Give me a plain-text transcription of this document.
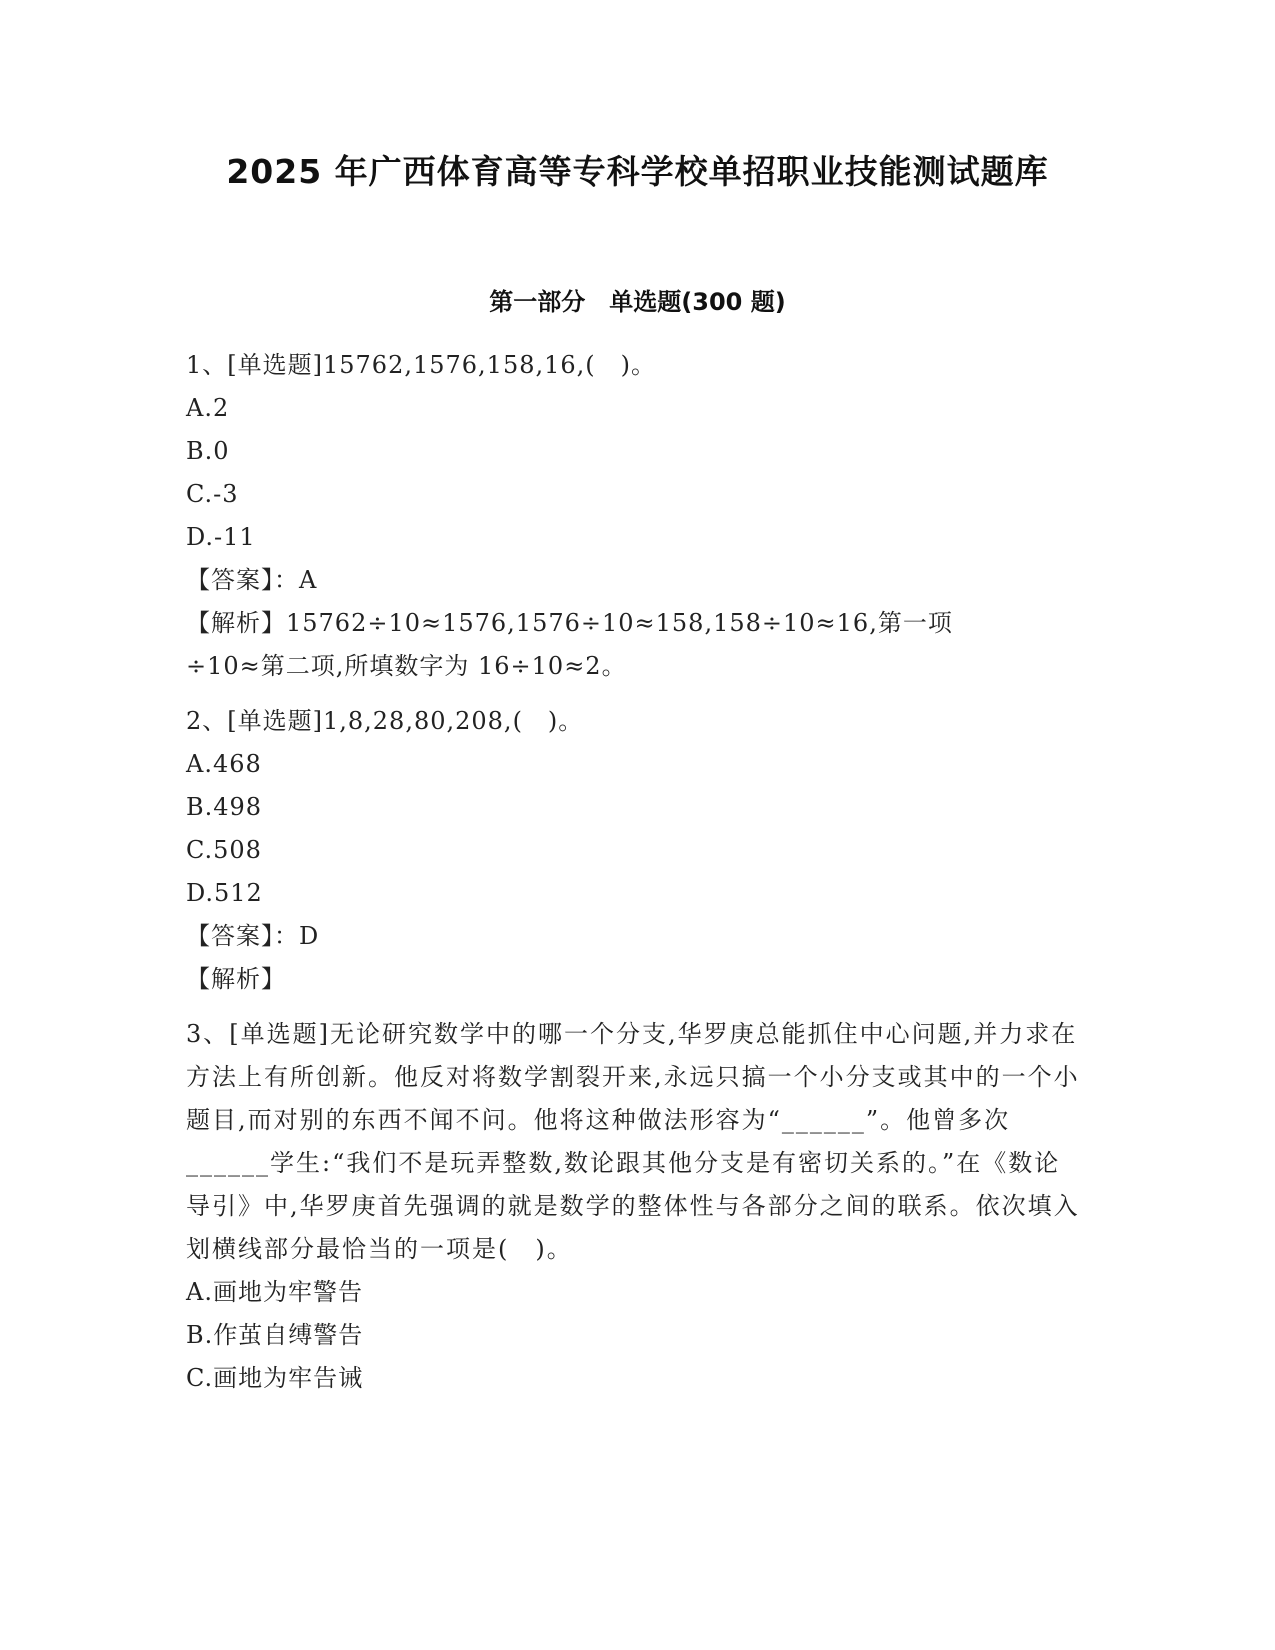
2025 年广西体育高等专科学校单招职业技能测试题库
第一部分　单选题(300 题)
1、[单选题]15762,1576,158,16,(　)。
A.2
B.0
C.-3
D.-11
【答案】：A
【解析】15762÷10≈1576,1576÷10≈158,158÷10≈16,第一项
÷10≈第二项,所填数字为 16÷10≈2。
2、[单选题]1,8,28,80,208,(　)。
A.468
B.498
C.508
D.512
【答案】：D
【解析】
3、[单选题]无论研究数学中的哪一个分支,华罗庚总能抓住中心问题,并力求在方法上有所创新。他反对将数学割裂开来,永远只搞一个小分支或其中的一个小题目,而对别的东西不闻不问。他将这种做法形容为“______”。他曾多次______学生:“我们不是玩弄整数,数论跟其他分支是有密切关系的。”在《数论导引》中,华罗庚首先强调的就是数学的整体性与各部分之间的联系。依次填入划横线部分最恰当的一项是(　)。
A.画地为牢警告
B.作茧自缚警告
C.画地为牢告诫
